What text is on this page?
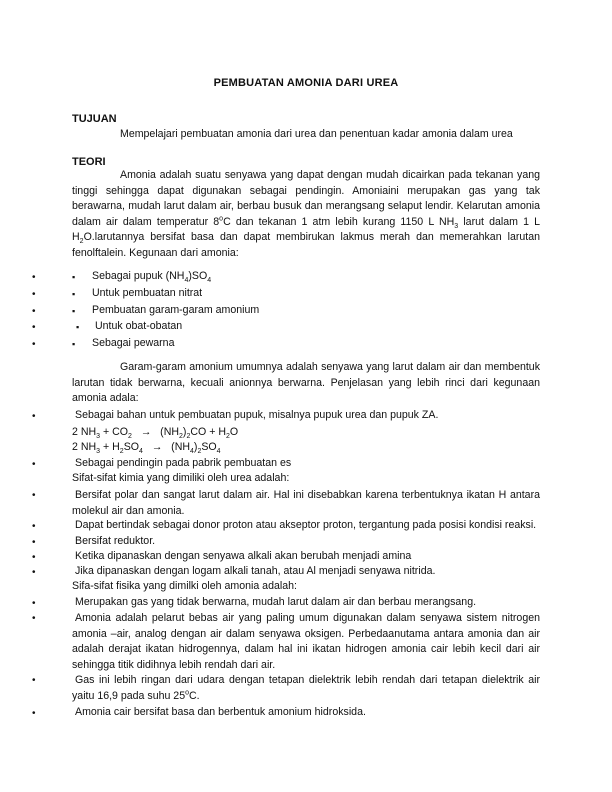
PEMBUATAN AMONIA DARI UREA
TUJUAN
Mempelajari pembuatan amonia dari urea dan penentuan kadar amonia dalam urea
TEORI
Amonia adalah suatu senyawa yang dapat dengan mudah dicairkan pada tekanan yang tinggi sehingga dapat digunakan sebagai pendingin. Amoniaini merupakan gas yang tak berawarna, mudah larut dalam air, berbau busuk dan merangsang selaput lendir. Kelarutan amonia dalam air dalam temperatur 8$^o$C dan tekanan 1 atm lebih kurang 1150 L $NH_3$ larut dalam 1 L $H_2O.larutannya$ bersifat basa dan dapat membirukan lakmus merah dan memerahkan larutan fenolftalein. Kegunaan dari amonia:
•	▪ Sebagai pupuk $(NH_4)SO_4$
•	▪ Untuk pembuatan nitrat
•	▪ Pembuatan garam-garam amonium
•	▪ Untuk obat-obatan
•	▪ Sebagai pewarna
Garam-garam amonium umumnya adalah senyawa yang larut dalam air dan membentuk larutan tidak berwarna, kecuali anionnya berwarna. Penjelasan yang lebih rinci dari kegunaan amonia adala:
•	Sebagai bahan untuk pembuatan pupuk, misalnya pupuk urea dan pupuk ZA.
2 $NH_3 + CO_2 \to (NH_2)_2CO + H_2O$
2 $NH_3 + H_2SO_4 \to (NH_4)_2SO_4$
•	Sebagai pendingin pada pabrik pembuatan es
Sifat-sifat kimia yang dimiliki oleh urea adalah:
•	Bersifat polar dan sangat larut dalam air. Hal ini disebabkan karena terbentuknya ikatan H antara molekul air dan amonia.
•	Dapat bertindak sebagai donor proton atau akseptor proton, tergantung pada posisi kondisi reaksi.
•	Bersifat reduktor.
•	Ketika dipanaskan dengan senyawa alkali akan berubah menjadi amina
•	Jika dipanaskan dengan logam alkali tanah, atau Al menjadi senyawa nitrida.
Sifa-sifat fisika yang dimilki oleh amonia adalah:
•	Merupakan gas yang tidak berwarna, mudah larut dalam air dan berbau merangsang.
•	Amonia adalah pelarut bebas air yang paling umum digunakan dalam senyawa sistem nitrogen amonia –air, analog dengan air dalam senyawa oksigen. Perbedaanutama antara amonia dan air adalah derajat ikatan hidrogennya, dalam hal ini ikatan hidrogen amonia cair lebih kecil dari air sehingga titik didihnya lebih rendah dari air.
•	Gas ini lebih ringan dari udara dengan tetapan dielektrik lebih rendah dari tetapan dielektrik air yaitu 16,9 pada suhu 25$^o$C.
•	Amonia cair bersifat basa dan berbentuk amonium hidroksida.
